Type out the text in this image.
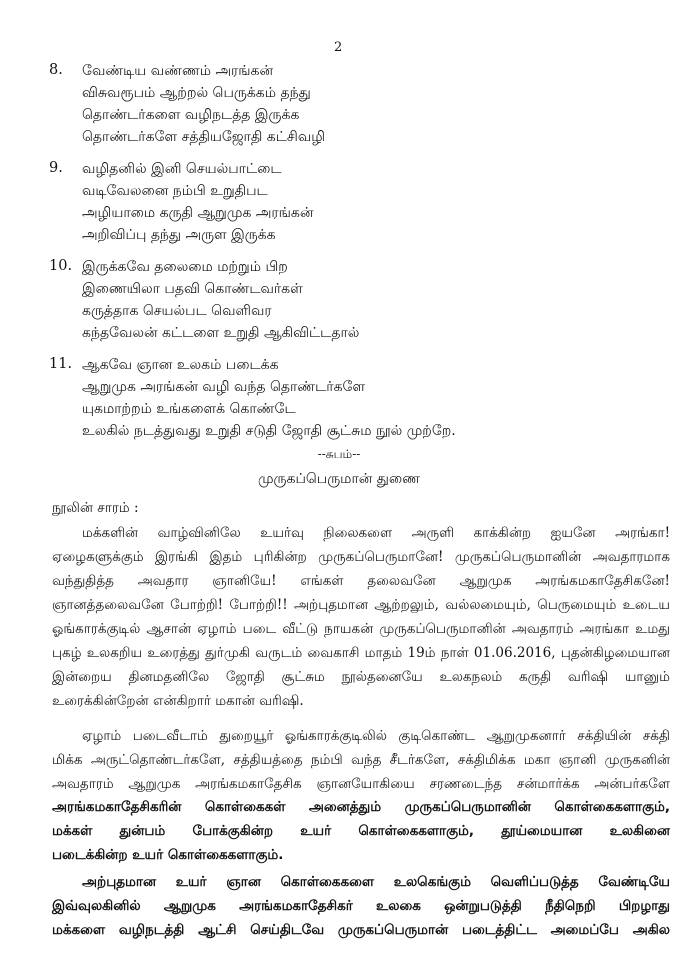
2
8. வேண்டிய வண்ணம் அரங்கன்
விசுவரூபம் ஆற்றல் பெருக்கம் தந்து
தொண்டர்களை வழிநடத்த இருக்க
தொண்டர்களே சத்தியஜோதி கட்சிவழி
9. வழிதனில் இனி செயல்பாட்டை
வடிவேலனை நம்பி உறுதிபட
அழியாமை கருதி ஆறுமுக அரங்கன்
அறிவிப்பு தந்து அருள இருக்க
10. இருக்கவே தலைமை மற்றும் பிற
இணையிலா பதவி கொண்டவர்கள்
கருத்தாக செயல்பட வெளிவர
கந்தவேலன் கட்டளை உறுதி ஆகிவிட்டதால்
11. ஆகவே ஞான உலகம் படைக்க
ஆறுமுக அரங்கன் வழி வந்த தொண்டர்களே
யுகமாற்றம் உங்களைக் கொண்டே
உலகில் நடத்துவது உறுதி சடுதி ஜோதி சூட்சும நூல் முற்றே.
--சுபம்--
முருகப்பெருமான் துணை
நூலின் சாரம் :
மக்களின் வாழ்வினிலே உயர்வு நிலைகளை அருளி காக்கின்ற ஐயனே அரங்கா!
ஏழைகளுக்கும் இரங்கி இதம் புரிகின்ற முருகப்பெருமானே! முருகப்பெருமானின் அவதாரமாக
வந்துதித்த அவதார ஞானியே! எங்கள் தலைவனே ஆறுமுக அரங்கமகாதேசிகனே!
ஞானத்தலைவனே போற்றி! போற்றி!! அற்புதமான ஆற்றலும், வல்லமையும், பெருமையும் உடைய
ஓங்காரக்குடில் ஆசான் ஏழாம் படை வீட்டு நாயகன் முருகப்பெருமானின் அவதாரம் அரங்கா உமது
புகழ் உலகறிய உரைத்து துர்முகி வருடம் வைகாசி மாதம் 19ம் நாள் 01.06.2016, புதன்கிழமையான
இன்றைய தினமதனிலே ஜோதி சூட்சும நூல்தனையே உலகநலம் கருதி வரிஷி யானும்
உரைக்கின்றேன் என்கிறார் மகான் வரிஷி.
ஏழாம் படைவீடாம் துறையூர் ஓங்காரக்குடிலில் குடிகொண்ட ஆறுமுகனார் சக்தியின் சக்தி
மிக்க அருட்தொண்டர்களே, சத்தியத்தை நம்பி வந்த சீடர்களே, சக்திமிக்க மகா ஞானி முருகனின்
அவதாரம் ஆறுமுக அரங்கமகாதேசிக ஞானயோகியை சரணடைந்த சன்மார்க்க அன்பர்களே
அரங்கமகாதேசிகரின் கொள்கைகள் அனைத்தும் முருகப்பெருமானின் கொள்கைகளாகும்,
மக்கள் துன்பம் போக்குகின்ற உயர் கொள்கைகளாகும், தூய்மையான உலகினை
படைக்கின்ற உயர் கொள்கைகளாகும்.
அற்புதமான உயர் ஞான கொள்கைகளை உலகெங்கும் வெளிப்படுத்த வேண்டியே
இவ்வுலகினில் ஆறுமுக அரங்கமகாதேசிகர் உலகை ஒன்றுபடுத்தி நீதிநெறி பிறழாது
மக்களை வழிநடத்தி ஆட்சி செய்திடவே முருகப்பெருமான் படைத்திட்ட அமைப்பே அகில
